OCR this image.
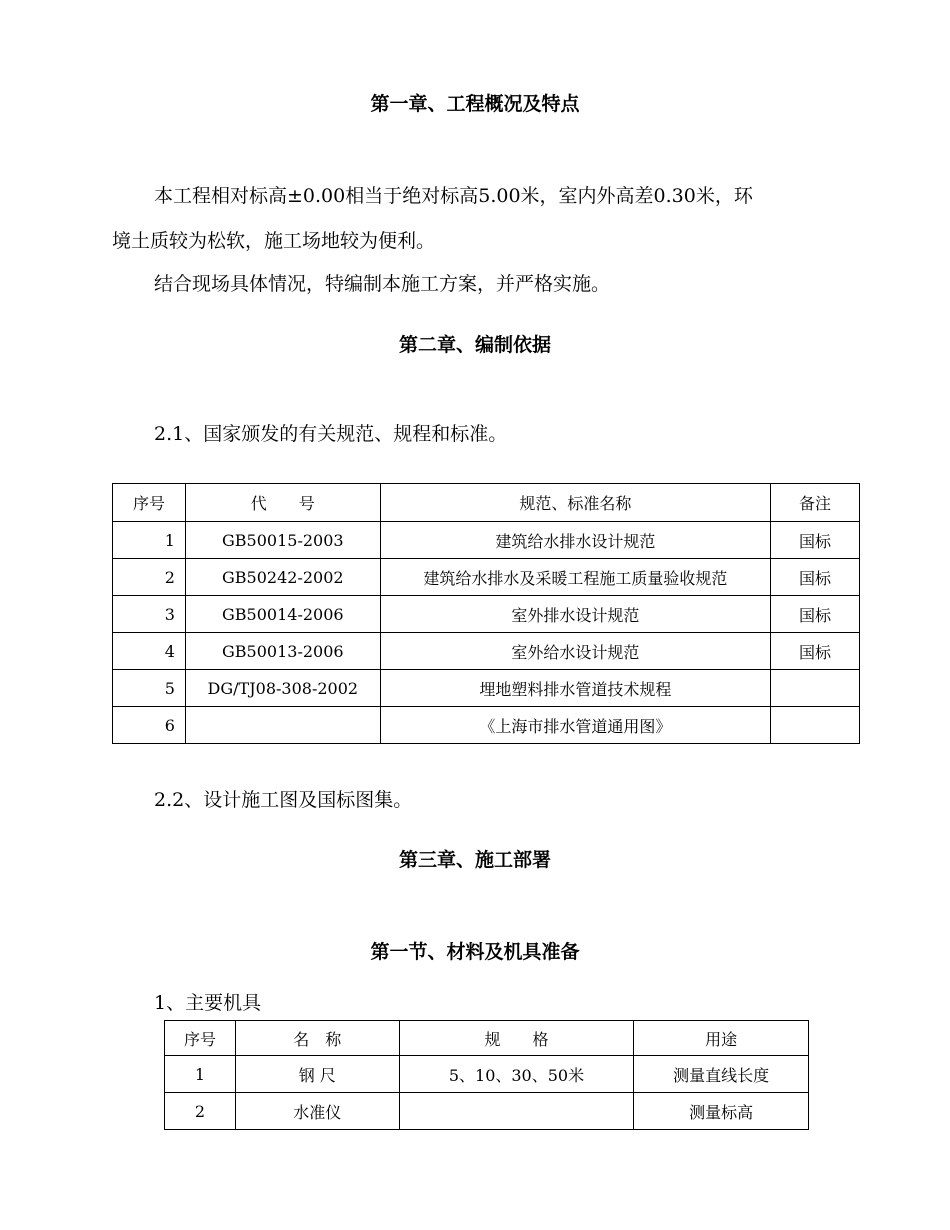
第一章、工程概况及特点
本工程相对标高±0.00相当于绝对标高5.00米，室内外高差0.30米，环
境土质较为松软，施工场地较为便利。
结合现场具体情况，特编制本施工方案，并严格实施。
第二章、编制依据
2.1、国家颁发的有关规范、规程和标准。
序号	代　　号	规范、标准名称	备注
1	GB50015-2003	建筑给水排水设计规范	国标
2	GB50242-2002	建筑给水排水及采暖工程施工质量验收规范	国标
3	GB50014-2006	室外排水设计规范	国标
4	GB50013-2006	室外给水设计规范	国标
5	DG/TJ08-308-2002	埋地塑料排水管道技术规程	
6		《上海市排水管道通用图》	
2.2、设计施工图及国标图集。
第三章、施工部署
第一节、材料及机具准备
1、主要机具
序号	名　称	规　　格	用途
1	钢 尺	5、10、30、50米	测量直线长度
2	水准仪		测量标高
